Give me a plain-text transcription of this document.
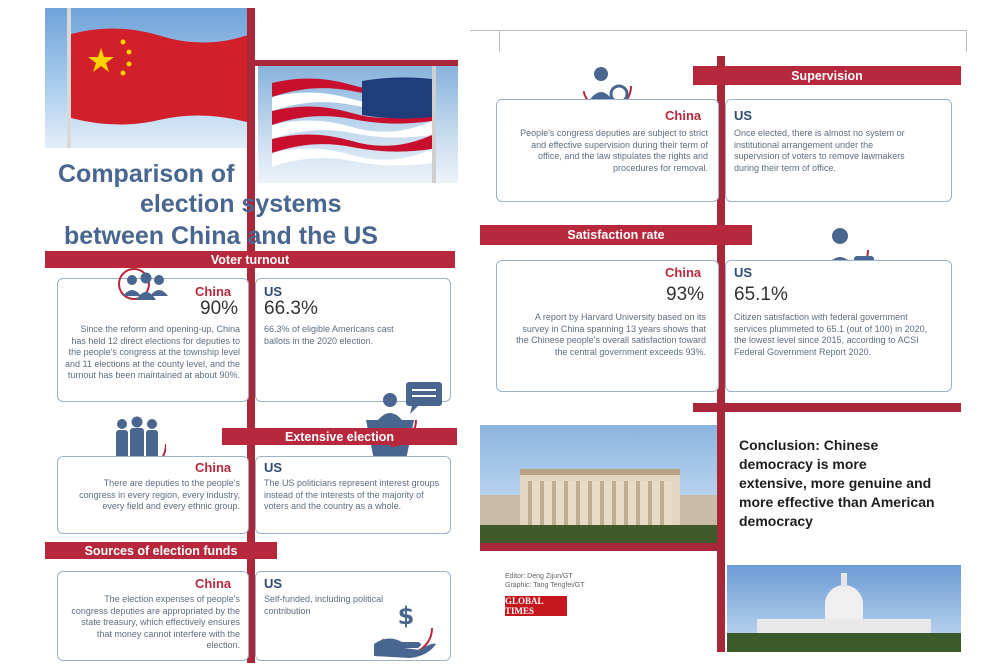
Comparison of
election systems
between China and the US
Voter turnout
China
90%
Since the reform and opening-up, China has held 12 direct elections for deputies to the people's congress at the township level and 11 elections at the county level, and the turnout has been maintained at about 90%.
US
66.3%
66.3% of eligible Americans cast ballots in the 2020 election.
Extensive election
China
There are deputies to the people's congress in every region, every industry, every field and every ethnic group.
US
The US politicians represent interest groups instead of the interests of the majority of voters and the country as a whole.
Sources of election funds
China
The election expenses of people's congress deputies are appropriated by the state treasury, which effectively ensures that money cannot interfere with the election.
US
Self-funded, including political contribution	$
Supervision
China
People's congress deputies are subject to strict and effective supervision during their term of office, and the law stipulates the rights and procedures for removal.
US
Once elected, there is almost no system or institutional arrangement under the supervision of voters to remove lawmakers during their term of office.
Satisfaction rate
China
93%
A report by Harvard University based on its survey in China spanning 13 years shows that the Chinese people's overall satisfaction toward the central government exceeds 93%.
US
65.1%
Citizen satisfaction with federal government services plummeted to 65.1 (out of 100) in 2020, the lowest level since 2015, according to ACSI Federal Government Report 2020.
Conclusion: Chinese democracy is more extensive, more genuine and more effective than American democracy
Editor: Deng Zijun/GT
Graphic: Tang Tengfei/GT
GLOBAL TIMES
